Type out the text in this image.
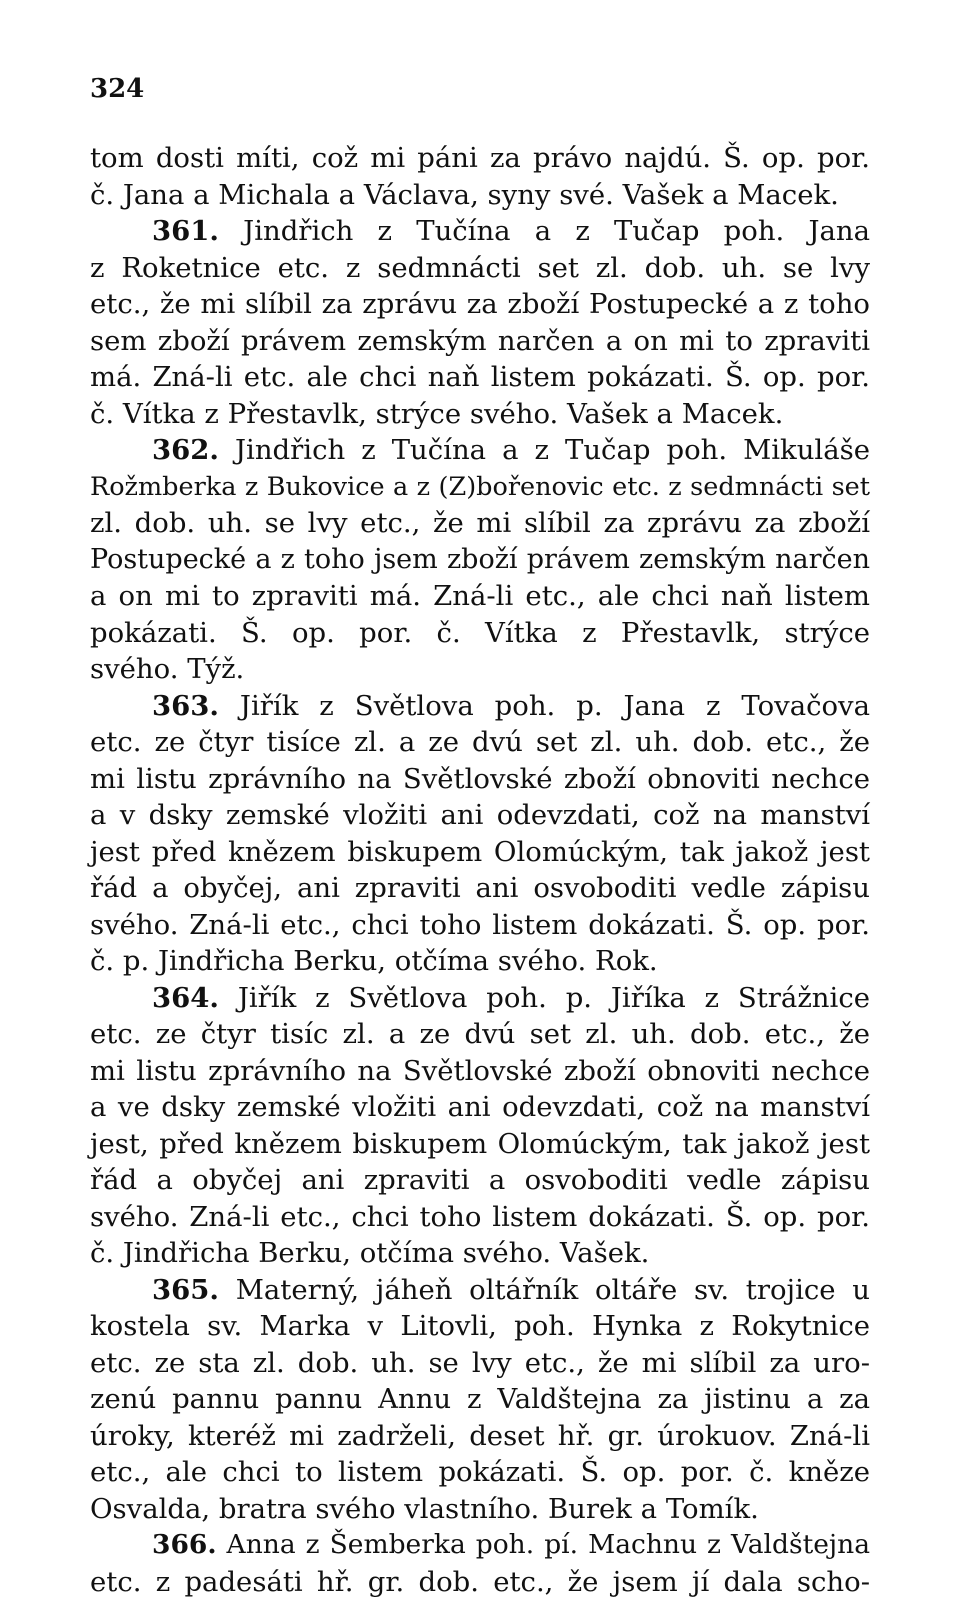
324
tom dosti míti, což mi páni za právo najdú. Š. op. por.
č. Jana a Michala a Václava, syny své. Vašek a Macek.
361. Jindřich z Tučína a z Tučap poh. Jana
z Roketnice etc. z sedmnácti set zl. dob. uh. se lvy
etc., že mi slíbil za zprávu za zboží Postupecké a z toho
sem zboží právem zemským narčen a on mi to zpraviti
má. Zná-li etc. ale chci naň listem pokázati. Š. op. por.
č. Vítka z Přestavlk, strýce svého. Vašek a Macek.
362. Jindřich z Tučína a z Tučap poh. Mikuláše
Rožmberka z Bukovice a z (Z)bořenovic etc. z sedmnácti set
zl. dob. uh. se lvy etc., že mi slíbil za zprávu za zboží
Postupecké a z toho jsem zboží právem zemským narčen
a on mi to zpraviti má. Zná-li etc., ale chci naň listem
pokázati. Š. op. por. č. Vítka z Přestavlk, strýce
svého. Týž.
363. Jiřík z Světlova poh. p. Jana z Tovačova
etc. ze čtyr tisíce zl. a ze dvú set zl. uh. dob. etc., že
mi listu zprávního na Světlovské zboží obnoviti nechce
a v dsky zemské vložiti ani odevzdati, což na manství
jest před knězem biskupem Olomúckým, tak jakož jest
řád a obyčej, ani zpraviti ani osvoboditi vedle zápisu
svého. Zná-li etc., chci toho listem dokázati. Š. op. por.
č. p. Jindřicha Berku, otčíma svého. Rok.
364. Jiřík z Světlova poh. p. Jiříka z Strážnice
etc. ze čtyr tisíc zl. a ze dvú set zl. uh. dob. etc., že
mi listu zprávního na Světlovské zboží obnoviti nechce
a ve dsky zemské vložiti ani odevzdati, což na manství
jest, před knězem biskupem Olomúckým, tak jakož jest
řád a obyčej ani zpraviti a osvoboditi vedle zápisu
svého. Zná-li etc., chci toho listem dokázati. Š. op. por.
č. Jindřicha Berku, otčíma svého. Vašek.
365. Materný, jáheň oltářník oltáře sv. trojice u
kostela sv. Marka v Litovli, poh. Hynka z Rokytnice
etc. ze sta zl. dob. uh. se lvy etc., že mi slíbil za uro-
zenú pannu pannu Annu z Valdštejna za jistinu a za
úroky, kteréž mi zadrželi, deset hř. gr. úrokuov. Zná-li
etc., ale chci to listem pokázati. Š. op. por. č. kněze
Osvalda, bratra svého vlastního. Burek a Tomík.
366. Anna z Šemberka poh. pí. Machnu z Valdštejna
etc. z padesáti hř. gr. dob. etc., že jsem jí dala scho-
